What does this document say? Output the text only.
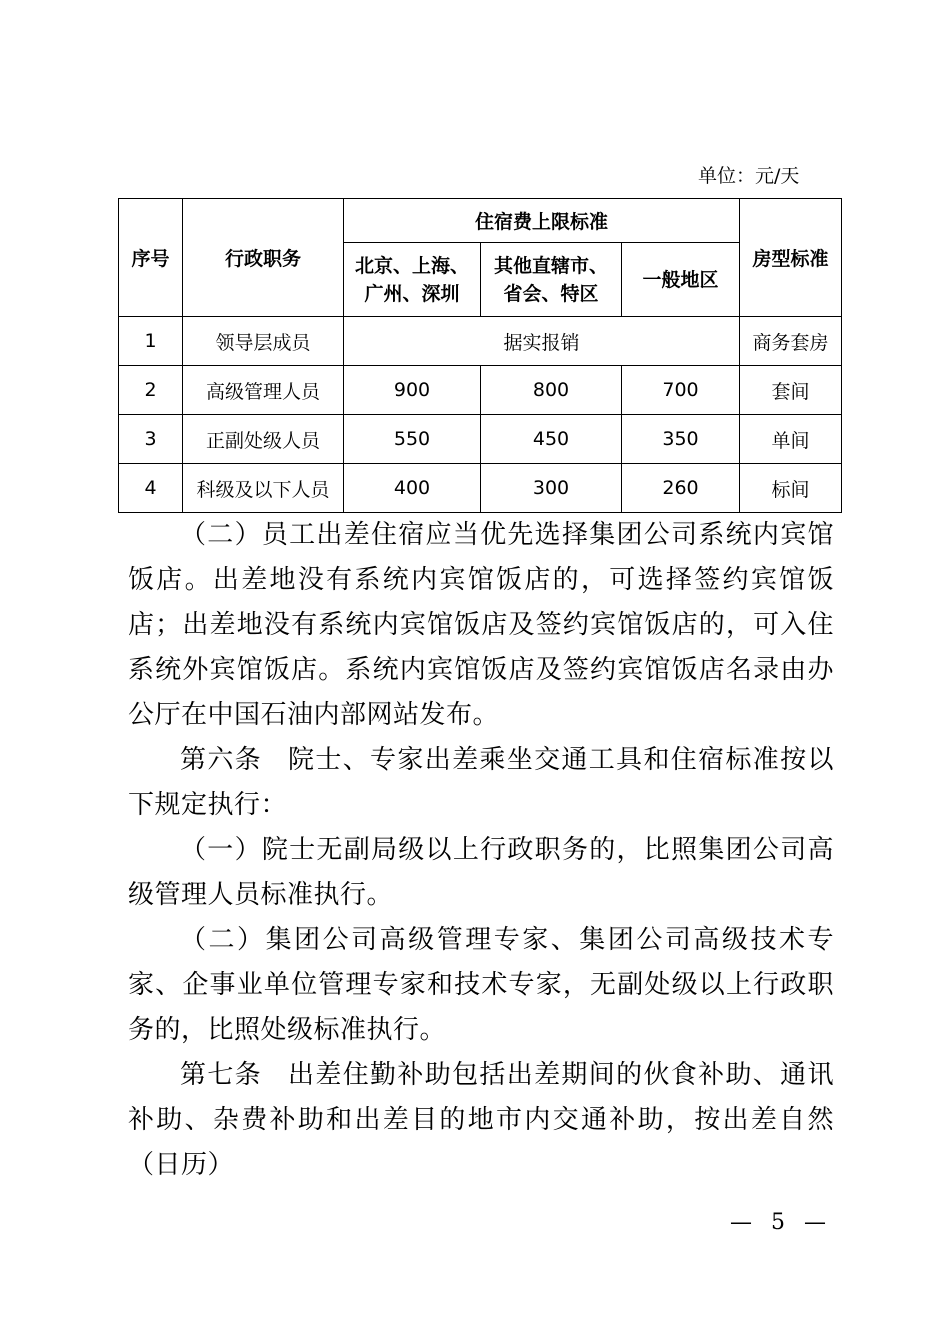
单位：元/天
序号	行政职务	住宿费上限标准			房型标准
		北京、上海、广州、深圳	其他直辖市、省会、特区	一般地区	
1	领导层成员	据实报销			商务套房
2	高级管理人员	900	800	700	套间
3	正副处级人员	550	450	350	单间
4	科级及以下人员	400	300	260	标间

（二）员工出差住宿应当优先选择集团公司系统内宾馆饭店。出差地没有系统内宾馆饭店的，可选择签约宾馆饭店；出差地没有系统内宾馆饭店及签约宾馆饭店的，可入住系统外宾馆饭店。系统内宾馆饭店及签约宾馆饭店名录由办公厅在中国石油内部网站发布。

第六条 院士、专家出差乘坐交通工具和住宿标准按以下规定执行：

（一）院士无副局级以上行政职务的，比照集团公司高级管理人员标准执行。

（二）集团公司高级管理专家、集团公司高级技术专家、企事业单位管理专家和技术专家，无副处级以上行政职务的，比照处级标准执行。

第七条 出差住勤补助包括出差期间的伙食补助、通讯补助、杂费补助和出差目的地市内交通补助，按出差自然（日历）

— 5 —
